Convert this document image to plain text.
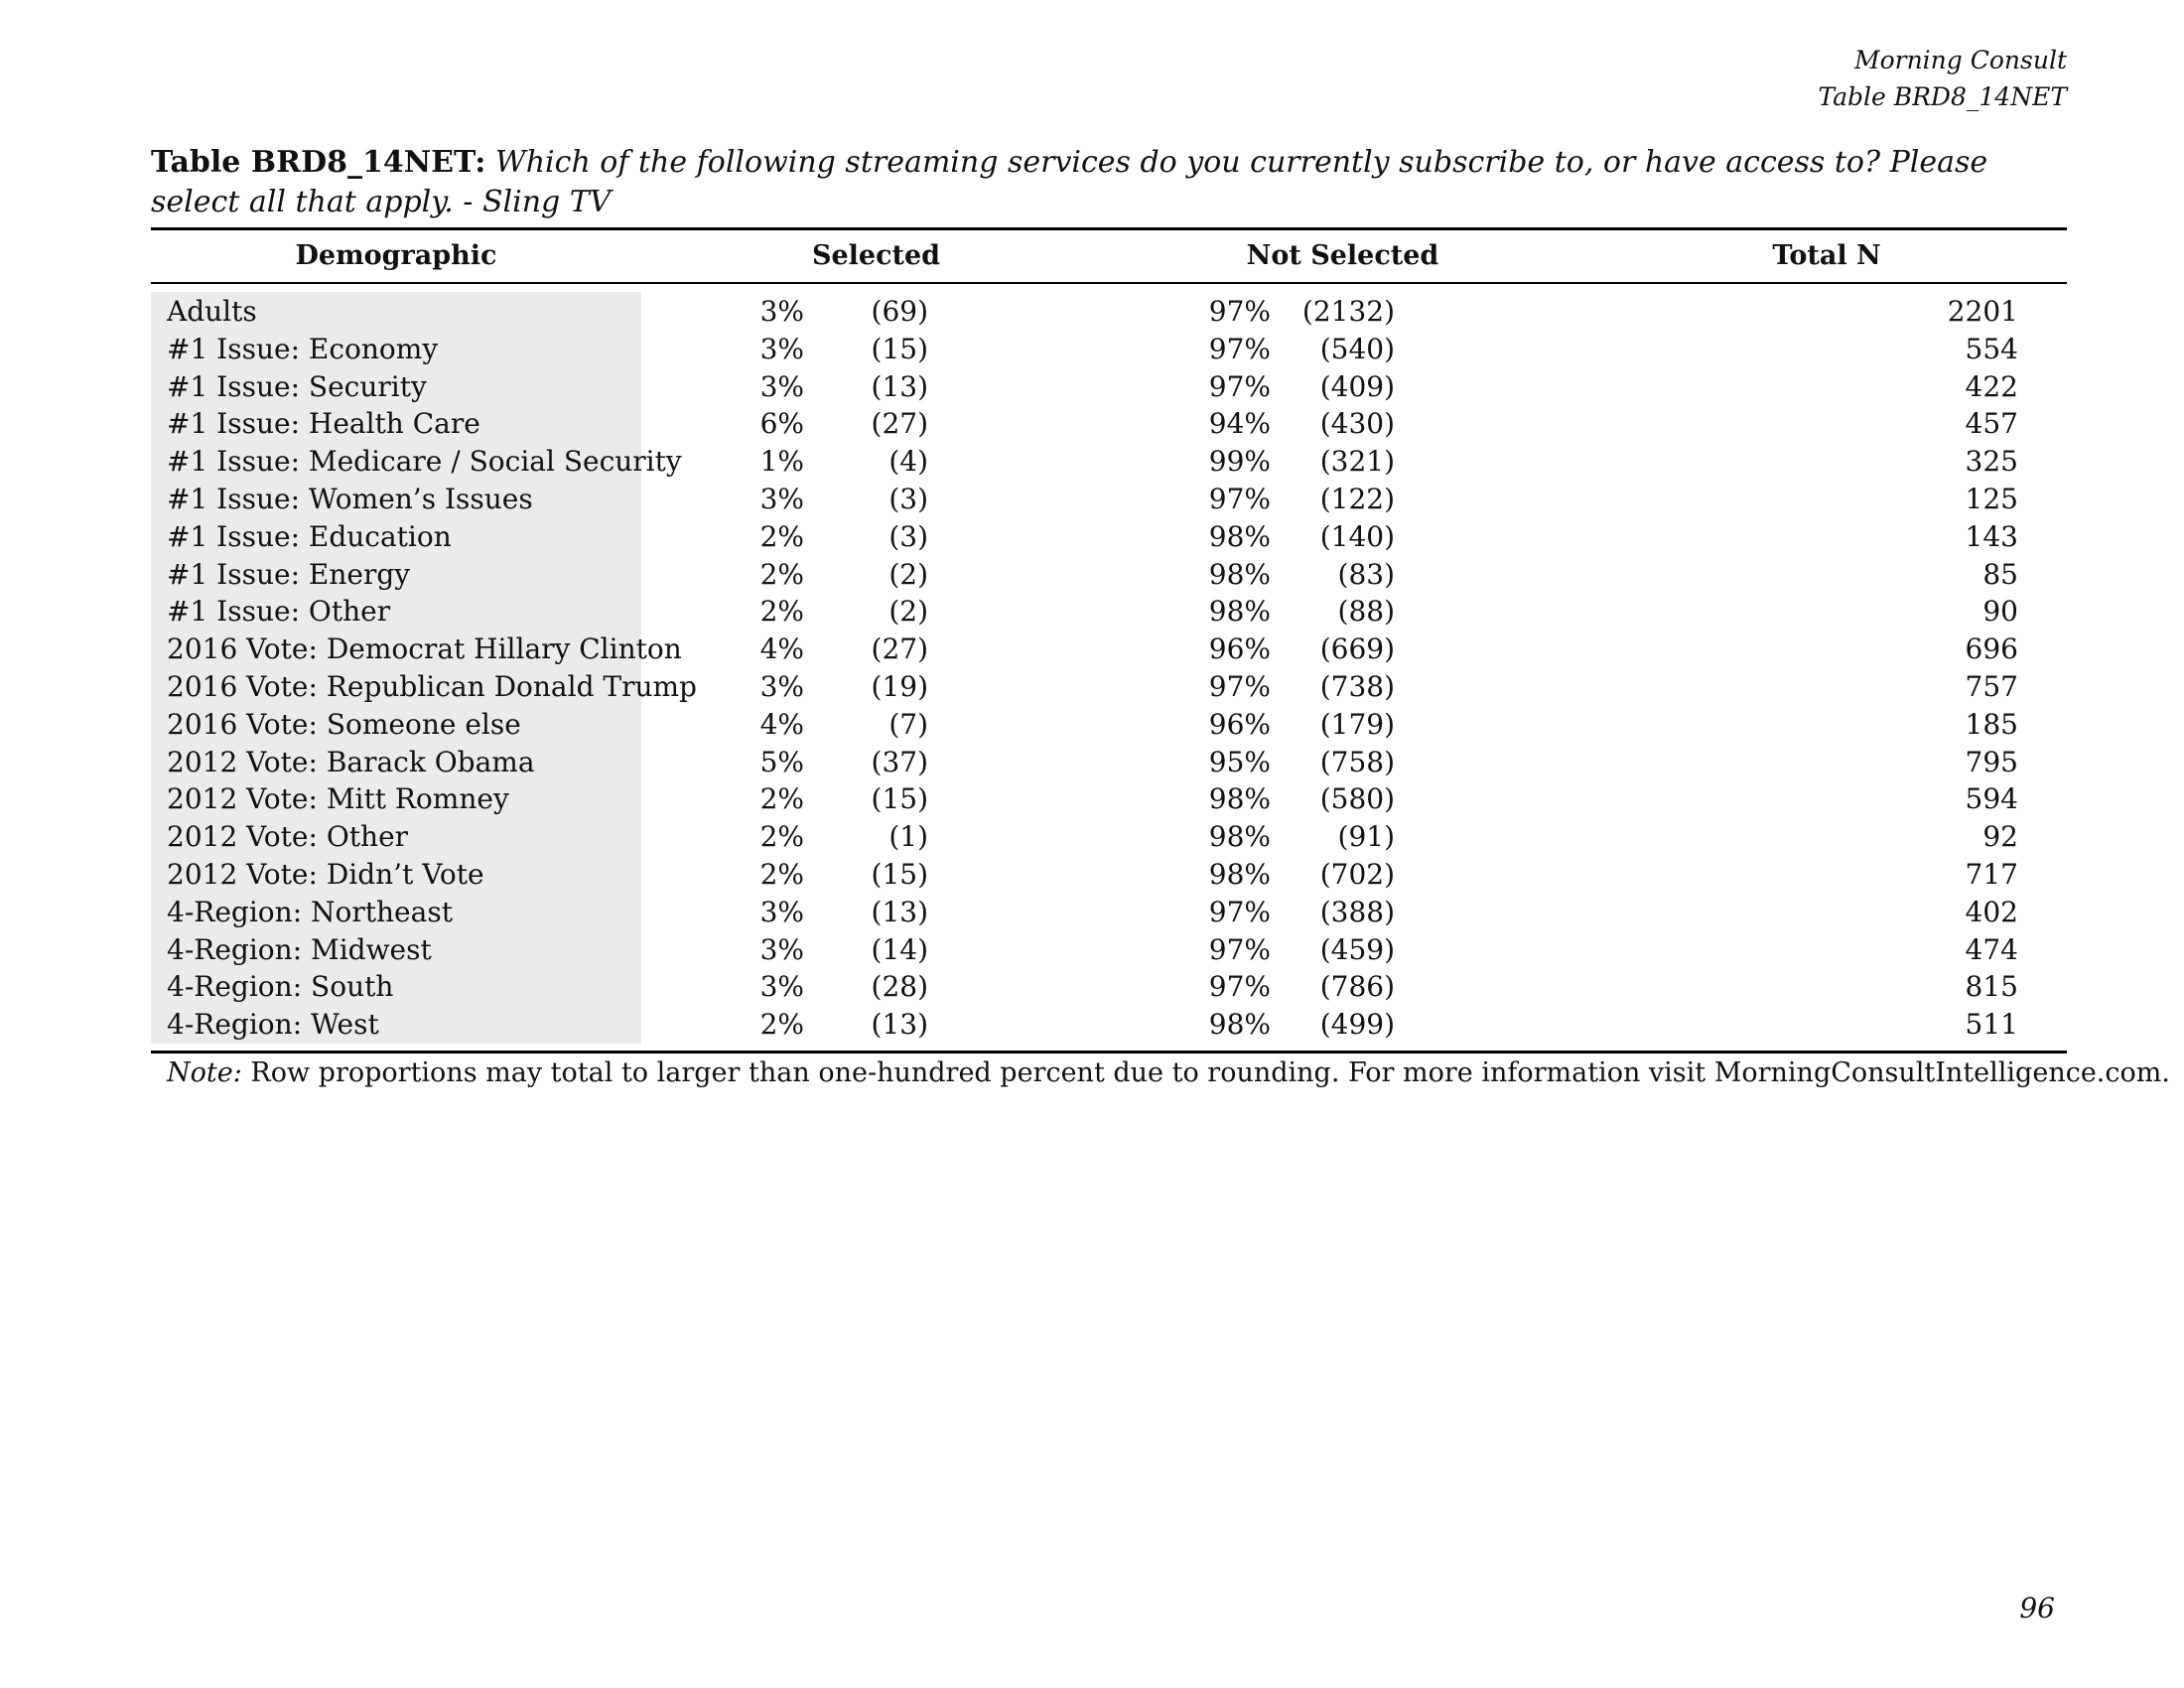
Morning Consult
Table BRD8_14NET
Table BRD8_14NET: Which of the following streaming services do you currently subscribe to, or have access to? Please select all that apply. - Sling TV
Demographic	Selected	Not Selected	Total N
Adults	3% (69)	97% (2132)	2201
#1 Issue: Economy	3% (15)	97% (540)	554
#1 Issue: Security	3% (13)	97% (409)	422
#1 Issue: Health Care	6% (27)	94% (430)	457
#1 Issue: Medicare / Social Security	1%	(4)	99% (321)	325
#1 Issue: Women’s Issues	3%	(3)	97% (122)	125
#1 Issue: Education	2%	(3)	98% (140)	143
#1 Issue: Energy	2%	(2)	98% (83)	85
#1 Issue: Other	2%	(2)	98% (88)	90
2016 Vote: Democrat Hillary Clinton	4% (27)	96% (669)	696
2016 Vote: Republican Donald Trump 3% (19)	97% (738)	757
2016 Vote: Someone else	4%	(7)	96% (179)	185
2012 Vote: Barack Obama	5% (37)	95% (758)	795
2012 Vote: Mitt Romney	2% (15)	98% (580)	594
2012 Vote: Other	2%	(1)	98% (91)	92
2012 Vote: Didn’t Vote	2% (15)	98% (702)	717
4-Region: Northeast	3% (13)	97% (388)	402
4-Region: Midwest	3% (14)	97% (459)	474
4-Region: South	3% (28)	97% (786)	815
4-Region: West	2% (13)	98% (499)	511
Note: Row proportions may total to larger than one-hundred percent due to rounding. For more information visit MorningConsultIntelligence.com.
96
